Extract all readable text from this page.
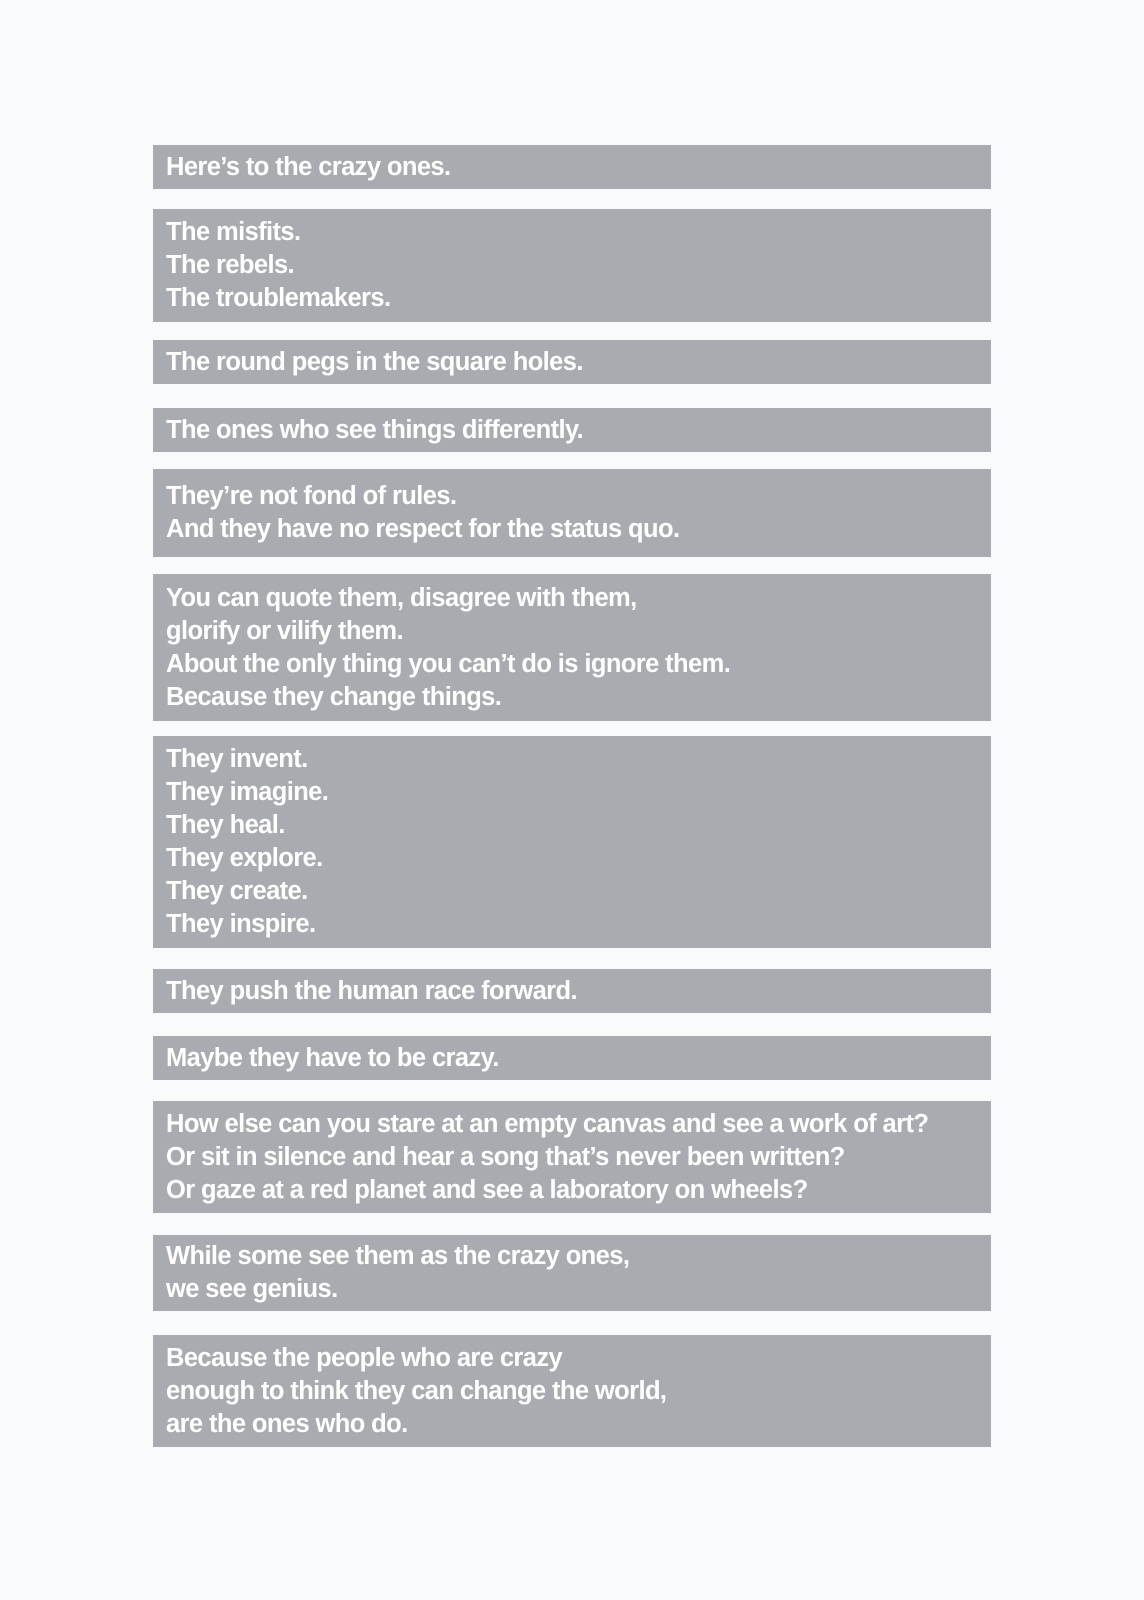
Here’s to the crazy ones.
The misfits.
The rebels.
The troublemakers.
The round pegs in the square holes.
The ones who see things differently.
They’re not fond of rules.
And they have no respect for the status quo.
You can quote them, disagree with them,
glorify or vilify them.
About the only thing you can’t do is ignore them.
Because they change things.
They invent.
They imagine.
They heal.
They explore.
They create.
They inspire.
They push the human race forward.
Maybe they have to be crazy.
How else can you stare at an empty canvas and see a work of art?
Or sit in silence and hear a song that’s never been written?
Or gaze at a red planet and see a laboratory on wheels?
While some see them as the crazy ones,
we see genius.
Because the people who are crazy
enough to think they can change the world,
are the ones who do.
